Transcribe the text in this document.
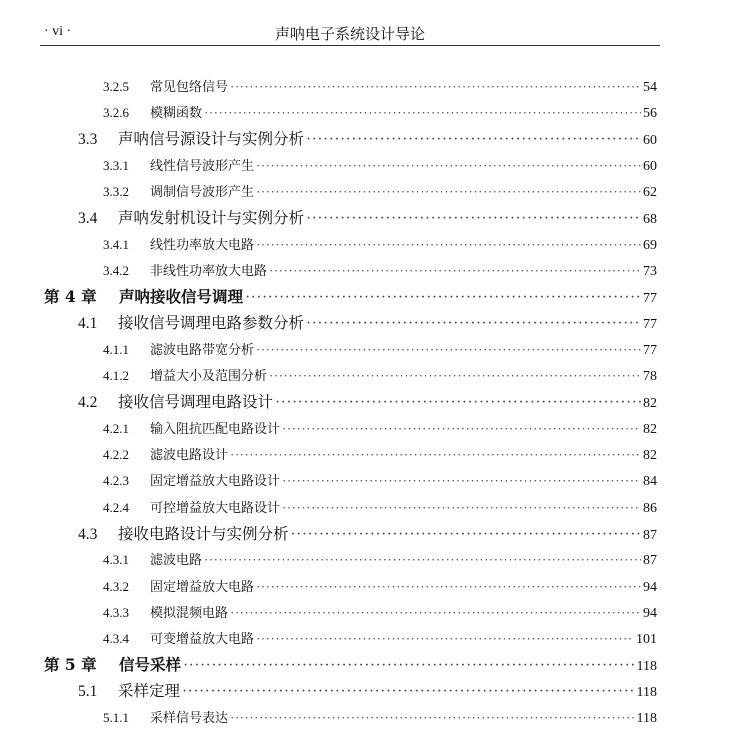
· vi ·	声呐电子系统设计导论
3.2.5	常见包络信号 ·····	54
3.2.6	模糊函数 ·····	56
3.3	声呐信号源设计与实例分析 ·····	60
3.3.1	线性信号波形产生 ·····	60
3.3.2	调制信号波形产生 ·····	62
3.4	声呐发射机设计与实例分析 ·····	68
3.4.1	线性功率放大电路 ·····	69
3.4.2	非线性功率放大电路 ·····	73
第 4 章	声呐接收信号调理 ·····	77
4.1	接收信号调理电路参数分析 ·····	77
4.1.1	滤波电路带宽分析 ·····	77
4.1.2	增益大小及范围分析 ·····	78
4.2	接收信号调理电路设计 ·····	82
4.2.1	输入阻抗匹配电路设计 ·····	82
4.2.2	滤波电路设计 ·····	82
4.2.3	固定增益放大电路设计 ·····	84
4.2.4	可控增益放大电路设计 ·····	86
4.3	接收电路设计与实例分析 ·····	87
4.3.1	滤波电路 ·····	87
4.3.2	固定增益放大电路 ·····	94
4.3.3	模拟混频电路 ·····	94
4.3.4	可变增益放大电路 ·····	101
第 5 章	信号采样 ·····	118
5.1	采样定理 ·····	118
5.1.1	采样信号表达 ·····	118
